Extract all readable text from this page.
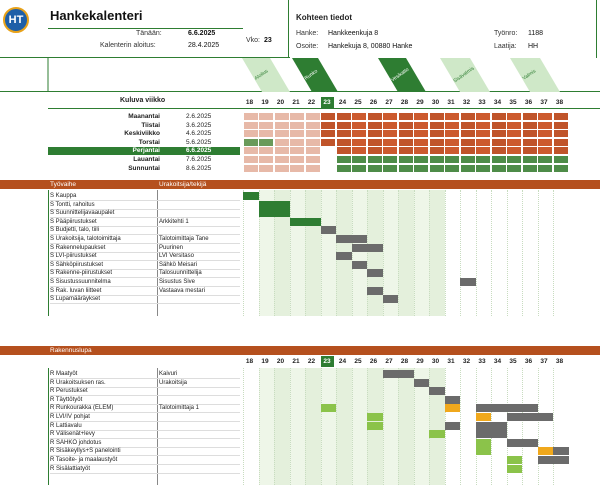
HT Hankekalenteri
Tänään:	6.6.2025
Kalenterin aloitus:	28.4.2025
Vko: 23
Kohteen tiedot
Hanke: Hankkeenkuja 8
Osoite: Hankekuja 8, 00880 Hanke
Työnro: 1188
Laatija: HH
Aloitus	Runko	Vesikatto	Sisävalmis	Valmis
Kuluva viikko	18	19	20	21	22	23	24	25	26	27	28	29	30	31	32	33	34	35	36	37	38
Maanantai	2.6.2025
Tiistai	3.6.2025
Keskiviikko	4.6.2025
Torstai	5.6.2025
Perjantai	6.6.2025
Lauantai	7.6.2025
Sunnuntai	8.6.2025
Työvaihe	Urakoitsija/tekijä
S Kauppa
S Tontti, rahoitus
S Suunnittelijavaaupalet
S Pääpiirustukset	Arkkitehti 1
S Budjetti, talo, tiili
S Urakoitsija, talotoimittaja	Talotoimittaja Tane
S Rakennelupaukset	Puurinen
S LVI-piirustukset	LVI Versitaso
S Sähköpiirustukset	Sähkö Meisari
S Rakenne-piirustukset	Talosuunnittelija
S Sisustussuunnitelma	Sisustus Sive
S Rak. luvan liitteet	Vastaava mestari
S Lupamääräykset
Rakennuslupa
18	19	20	21	22	23	24	25	26	27	28	29	30	31	32	33	34	35	36	37	38
R Maatyöt	Kaivuri
R Urakoitsuksen ras.	Urakoitsija
R Perustukset
R Täyttötyöt
R Runkourakka (ELEM)	Talotoimittaja 1
R LVI/IV pohjat
R Lattiavalu
R Välisenät+levy
R SÄHKÖ johdotus
R Sisäkeyllys+S panelointi
R Tasoite- ja maalaustyöt
R Sisälattiatyöt
